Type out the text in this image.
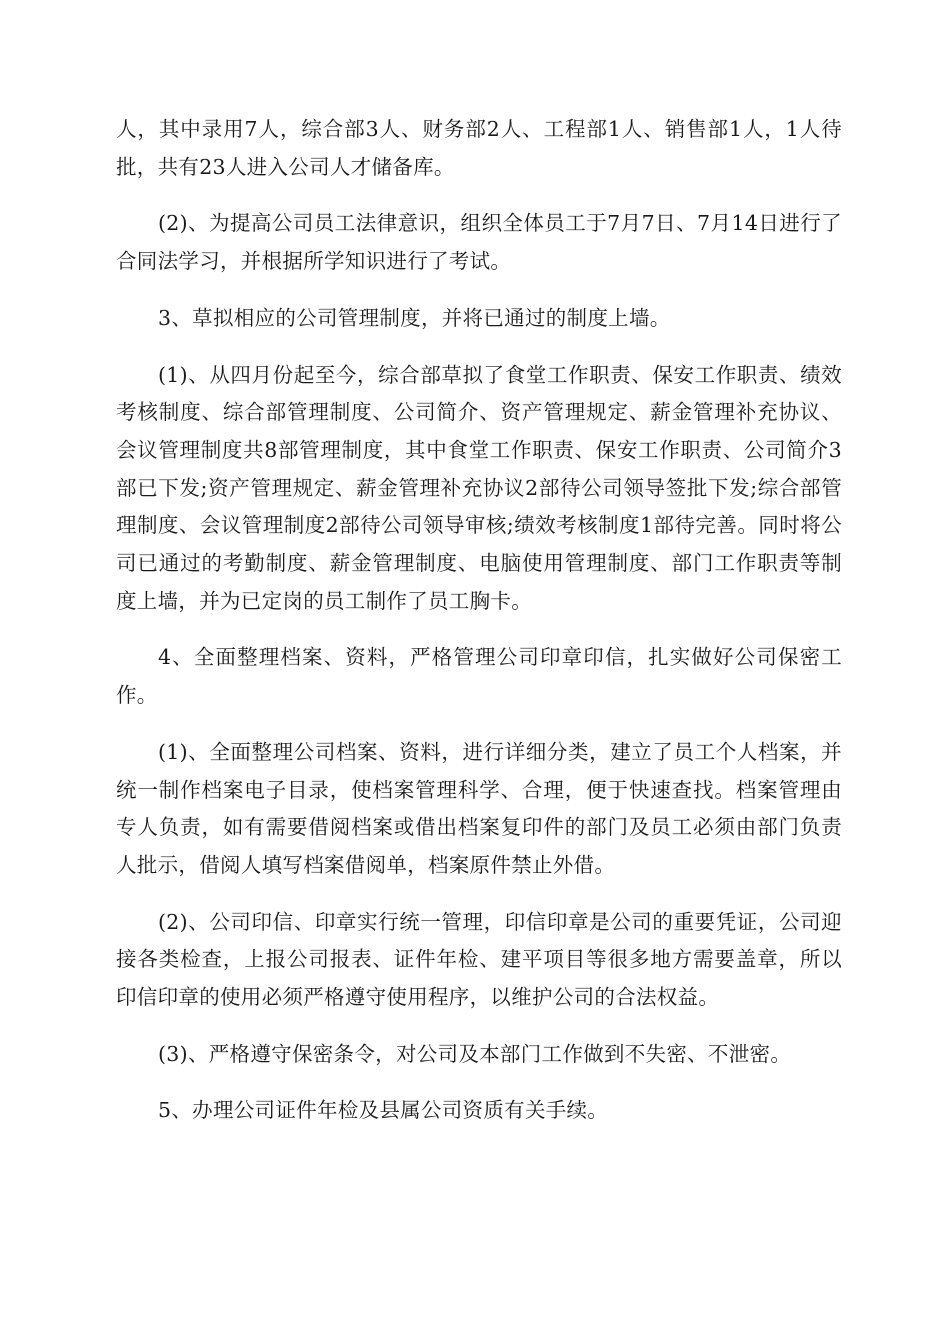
人，其中录用7人，综合部3人、财务部2人、工程部1人、销售部1人，1人待批，共有23人进入公司人才储备库。

(2)、为提高公司员工法律意识，组织全体员工于7月7日、7月14日进行了合同法学习，并根据所学知识进行了考试。

3、草拟相应的公司管理制度，并将已通过的制度上墙。

(1)、从四月份起至今，综合部草拟了食堂工作职责、保安工作职责、绩效考核制度、综合部管理制度、公司简介、资产管理规定、薪金管理补充协议、会议管理制度共8部管理制度，其中食堂工作职责、保安工作职责、公司简介3部已下发;资产管理规定、薪金管理补充协议2部待公司领导签批下发;综合部管理制度、会议管理制度2部待公司领导审核;绩效考核制度1部待完善。同时将公司已通过的考勤制度、薪金管理制度、电脑使用管理制度、部门工作职责等制度上墙，并为已定岗的员工制作了员工胸卡。

4、全面整理档案、资料，严格管理公司印章印信，扎实做好公司保密工作。

(1)、全面整理公司档案、资料，进行详细分类，建立了员工个人档案，并统一制作档案电子目录，使档案管理科学、合理，便于快速查找。档案管理由专人负责，如有需要借阅档案或借出档案复印件的部门及员工必须由部门负责人批示，借阅人填写档案借阅单，档案原件禁止外借。

(2)、公司印信、印章实行统一管理，印信印章是公司的重要凭证，公司迎接各类检查，上报公司报表、证件年检、建平项目等很多地方需要盖章，所以印信印章的使用必须严格遵守使用程序，以维护公司的合法权益。

(3)、严格遵守保密条令，对公司及本部门工作做到不失密、不泄密。

5、办理公司证件年检及县属公司资质有关手续。
